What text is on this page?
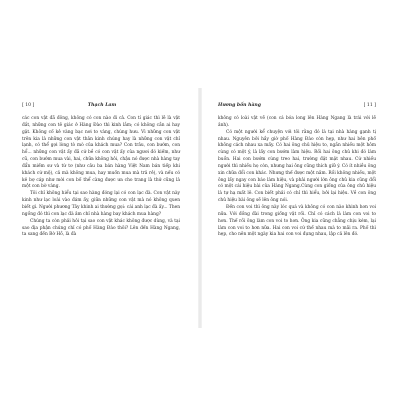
[ 10 ]	Thạch Lam

các con vật đã đông, không có con nào đi cả. Con tí giác thì lẽ là vật đắt, những con tê giác ở Hàng Đào thì kinh lắm; có không cần ai hay gặt. Không cố kẻ vàng bạc nơi to vàng, chúng hưu. Vì những con vật trên kia là những con vật thân kinh chúng hay là những con vật chỉ lạnh, có thể gợi lòng tò mò của khách mua? Con trâu, con bướm, con hổ... những con vật ấy đã cứ bề có con vật ấy của ngươi đó kiếm, như cũ, con bướm mua vài, hai, chữa không hỏi, chậu nó được nhà hàng tay đẩn miếm sư và từ tơ (như câu ba bán hàng Việt Nam bán tiếp khi khách cứ mộ), cả mà không mua, hay muốn mua mà trả rẻ), và nếu có kẻ bợ cáp như mời con bố thể càng được ưa cho trang là thứ cũng là một con bờ vàng.

Tôi chỉ không hiểu tại sao hàng đóng lại có con lạc đà. Con vật này kinh như lạc loài vào đám ấy, giữa những con vật mà nó không quen biết gì. Người phương Tây khinh ai thường gọi: cái anh lạc đà ấy... Then ngồng đó thì con lạc đà ảm chỉ nhà hàng bay khách mua hàng?

Chúng ta còn phải hỏi tại sao con vật khác không được dùng, và tại sao địa phận chúng chỉ có phố Hàng Đào thôi? Lên đến Hàng Ngang, ta sang đến Bờ Hồ, là đà

Hương bốn hàng	[ 11 ]

không có loài vật vẽ (con cá bóa long lên Hàng Ngang là trái với lẽ ảnh).

Có một người kể chuyện với tôi rằng đó là tại nhà hàng gạnh tị nhau. Nguyên bởi hầy giờ phố Hàng Đào còn hẹp, như hai bên phố không cách nhau xa mấy. Có hai ông chủ hiệu to, ngần nhiều một hôm cùng có một ý, là lấy con bướm làm hiệu. Rồi hai ông chủ khi đó làm buồn. Hai con bướm cùng treo hai, trường đặt mặt nhau. Cứ nhiều người thì nhiều họ còn, nhưng hai ông cũng thích giữ ý. Có ít nhiều ông xin chữa đổi con khác. Nhưng thế được một năm. Rồi không nhiều, một ông lấy ngay con báo làm hiệu, và phải người lớn ông chủ kia cũng đổi có một cái hiệu bài của Hàng Ngang.Cùng con giống của ông chủ hiệu là tự hạ mất lê. Con biết phải có chỉ thì hiểu, bởi lại hiệu. Về con ông chủ hiệu bài ông sẽ lên ông nói.

Đến con voi thì ông này lóc quá và không có con nào khinh hơn voi nữa. Với đồng đài trong giống vật rồi. Chỉ có cách là làm con voi to hơn. Thế rồi ông làm con voi to hơn. Ông kia cũng chẳng chịu kém, lại làm con voi to hơn nữa. Hai con voi cứ thế nhau mà to mãi ra. Phố thì hẹp, cho nên một ngày kia hai con voi đụng nhau, lập cả lên đó.
